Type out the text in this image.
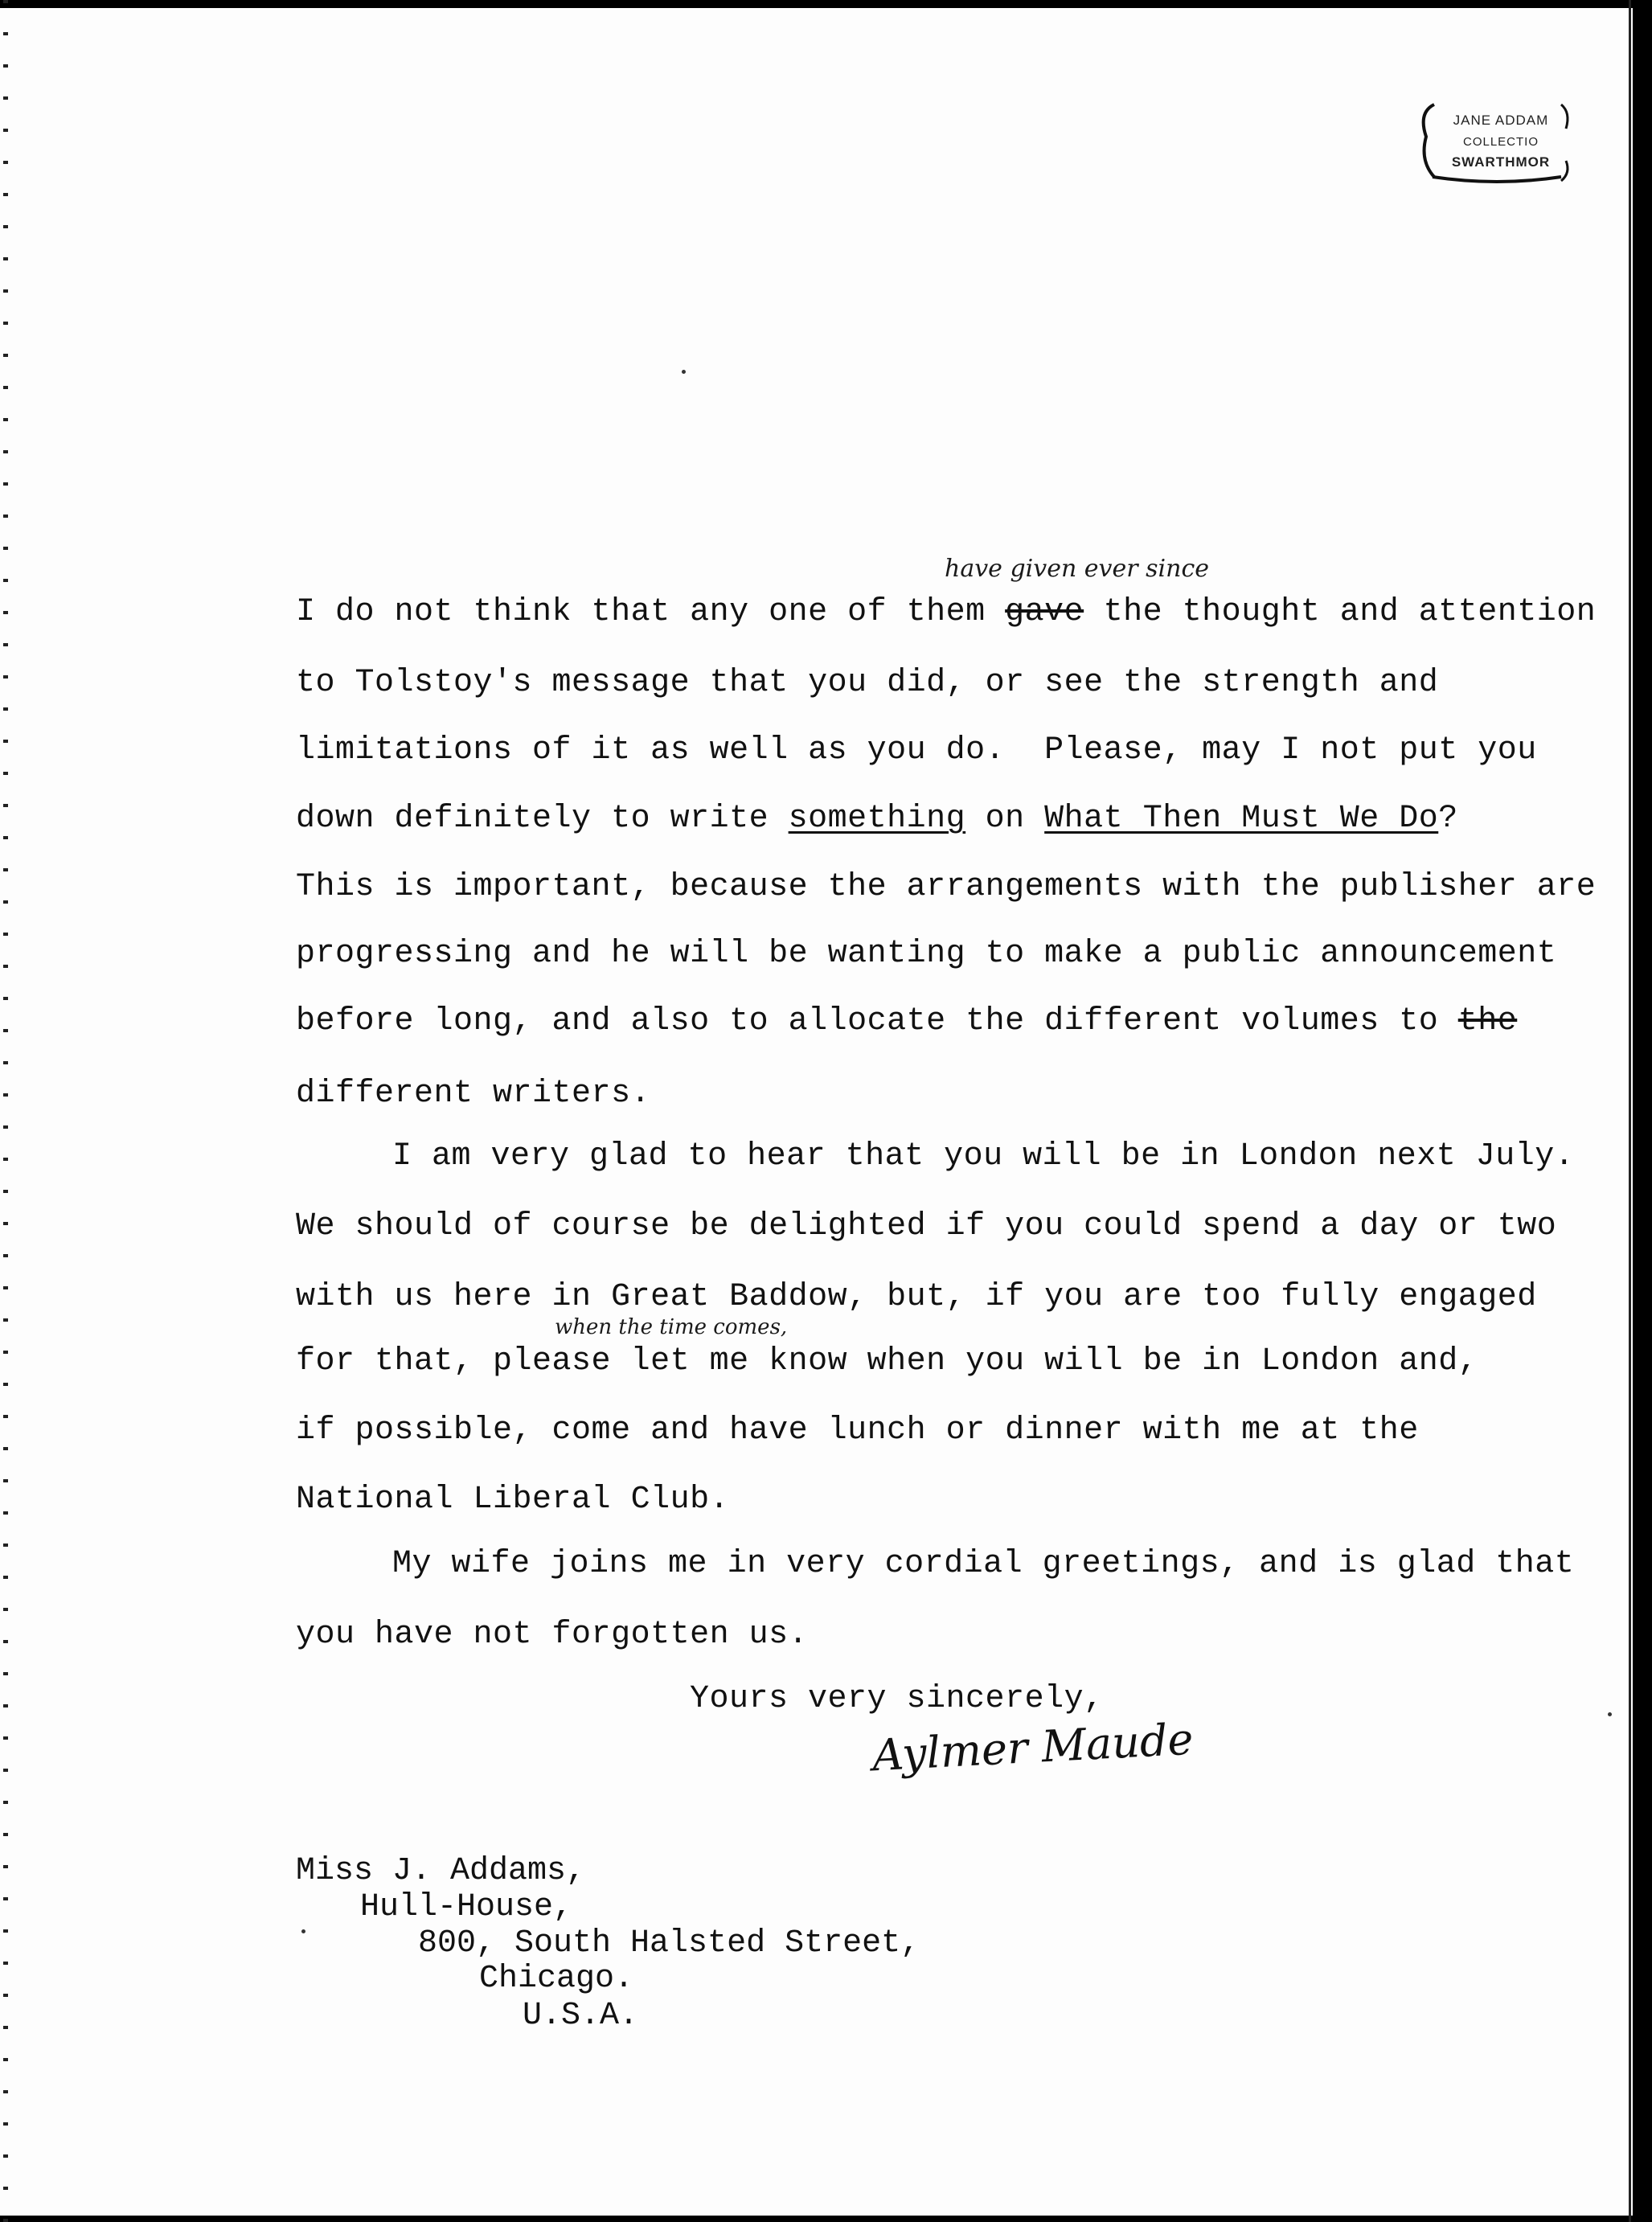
JANE ADDAM
COLLECTIO
SWARTHMOR
have given ever since
I do not think that any one of them gave the thought and attention
to Tolstoy's message that you did, or see the strength and
limitations of it as well as you do.  Please, may I not put you
down definitely to write something on What Then Must We Do?
This is important, because the arrangements with the publisher are
progressing and he will be wanting to make a public announcement
before long, and also to allocate the different volumes to the
different writers.
I am very glad to hear that you will be in London next July.
We should of course be delighted if you could spend a day or two
with us here in Great Baddow, but, if you are too fully engaged
when the time comes,
for that, please let me know when you will be in London and,
if possible, come and have lunch or dinner with me at the
National Liberal Club.
My wife joins me in very cordial greetings, and is glad that
you have not forgotten us.
Yours very sincerely,
Aylmer Maude
Miss J. Addams,
Hull-House,
800, South Halsted Street,
Chicago.
U.S.A.
